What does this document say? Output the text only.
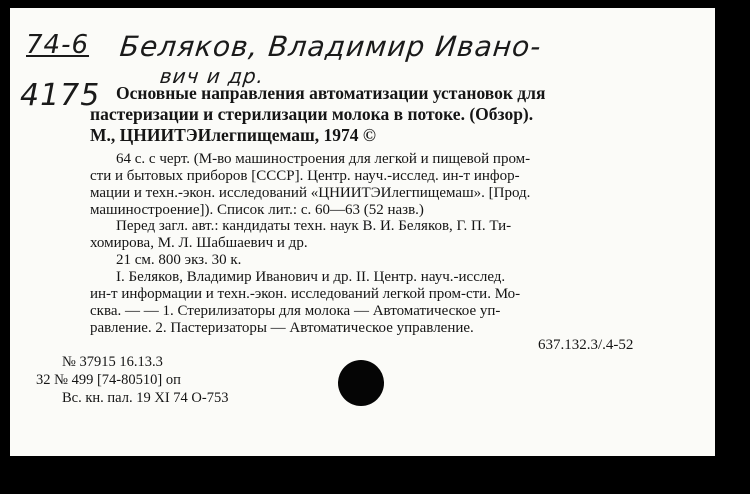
74-6
4175
Беляков, Владимир Ивано-
вич и др.
Основные направления автоматизации установок для
пастеризации и стерилизации молока в потоке. (Обзор).
М., ЦНИИТЭИлегпищемаш, 1974 ©
64 с. с черт. (М-во машиностроения для легкой и пищевой пром-
сти и бытовых приборов [СССР]. Центр. науч.-исслед. ин-т инфор-
мации и техн.-экон. исследований «ЦНИИТЭИлегпищемаш». [Прод.
машиностроение]). Список лит.: с. 60—63 (52 назв.)
Перед загл. авт.: кандидаты техн. наук В. И. Беляков, Г. П. Ти-
хомирова, М. Л. Шабшаевич и др.
21 см. 800 экз. 30 к.
I. Беляков, Владимир Иванович и др. II. Центр. науч.-исслед.
ин-т информации и техн.-экон. исследований легкой пром-сти. Мо-
сква. — — 1. Стерилизаторы для молока — Автоматическое уп-
равление. 2. Пастеризаторы — Автоматическое управление.
637.132.3/.4-52
№ 37915 16.13.3
32 № 499 [74-80510] оп
Вс. кн. пал. 19 XI 74 О-753
